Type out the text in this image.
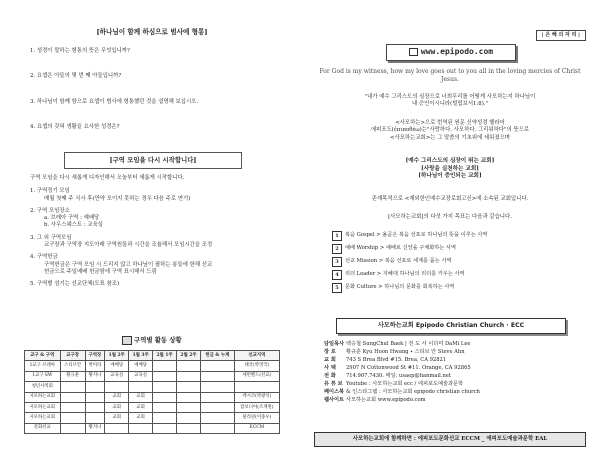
[하나님이 함께 하심으로 범사에 형통]
1. 성경이 말하는 형통의 뜻은 무엇입니까?
2. 요셉은 아들의 몇 번 째 아들입니까?
3. 하나님이 함께 함으로 요셉이 범사에 형통했던 것을 설명해 보십시오.
4. 요셉의 갖혀 생활을 요사한 성경은?
[구역 모임을 다시 시작합니다]
구역 모임을 다시 새롭게 디자인해서 오늘부터 새롭게 시작합니다.
1. 구역정기 모임
매월 첫째 주 식사 후(만약 모이지 못하는 경우 다음 주로 연기)
2. 구역 모임장소
a. 브레아 구역 : 예배당
b. 사우스웨스트 : 교육실
3. 그 외 구역모임
교구장과 구역장 지도아래 구역원들과 시간을 조율해서 모임시간을 조정
4. 구역헌금
구역헌금은 구역 모임 시 드리지 않고 하나님이 필하는 봉들에 한해 선교
헌금으로 주일예배 헌금함에 구역 표시해서 드림
5. 구역별 섬기는 선교단체(도표 참조)
구역별 활동 상황
교구 & 구역	교구장	구역장	1월 2주	1월 3주	2월 1주	2월 2주	헌금 & 누계	선교지역
1교구 브레아	스티브안	박미라	예배당	예배당				태국(박영국)
1교구 SW	황규훈	황지나	교육실	교육실				세빈밴드(선교)
청년사역회								
사모하는교회			교회	교회				멕시코(박광석)
사모하는교회			교회	교회				캄보디아(조재원)
사모하는교회			교회	교회				필리핀(이중우)
문화선교		황지나						ECCM
| 은 혜 의 자 리 |
www.epipodo.com
For God is my witness, how my love goes out to you all in the loving mercies of Christ Jesus.
"내가 예수 그리스도의 심장으로 너희무리를 어떻게 사모하는지 하나님이
내 증인이시니라(빌립보서1:8)."
<사모하는>으로 번역된 원문 신약성경 헬라어
에피포도(ἐπιποθέω)는"사랑하다. 사모하다. 그리워하다"의 뜻으로
<사모하는교회>는 그 말씀의 기초위에 세워졌으며
[예수 그리스도의 심장이 뛰는 교회]
[사랑을 실천하는 교회]
[하나님이 증인되는 교회]
존재목적으로 <재외한인예수교장로회고신>에 소속된 교회입니다.
[사모하는교회]의 다섯 가지 목표는 다음과 같습니다.
1	복음 Gospel > 올곧은 복음 선포로 하나님의 뜻을 이루는 사역
2	예배 Worship > 예배로 신앙을 구체화하는 사역
3	선교 Mission > 복음 선포로 세계를 품는 사역
4	리더 Leader > 지혜대 하나님의 리더를 키우는 사역
5	문화 Culture > 하나님의 문화를 회복하는 사역
사모하는교회 Epipodo Christian Church ∙ ECC
담임목사 백승철 SungChul Baek | 전 도 사 이다미 DaMi Lee
장 로	황규훈 Kyu Hoon Hwang ∙ 스티브 안 Steve Ahn
교 회	743 S Brea Blvd #15. Brea, CA 92821
사 택	2907 N Cottonwood St #11. Orange, CA 92865
전 화	714.907.7430. 메일: usaep@hanmail.net
유 튜 브 Youtube : 사모하는교회 ecc / 에피포도예술과문학
페이스북 & 인스타그램 : 사모하는교회 epipodo christian church
웹사이트 사모하는교회 www.epipodo.com
사모하는교회에 함께하면 : 에피포도문화선교 ECCM _ 에피포도예술과문학 EAL
